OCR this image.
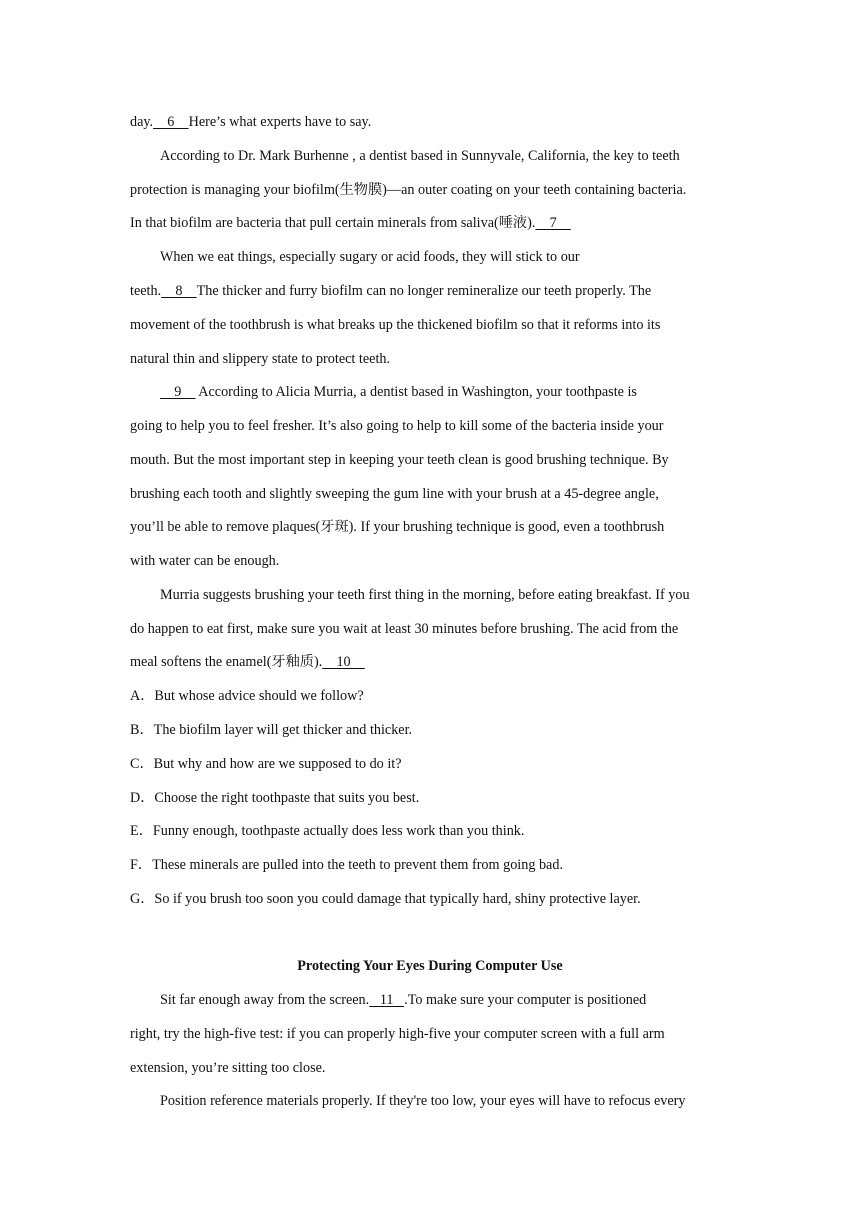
day.    6    Here’s what experts have to say.
According to Dr. Mark Burhenne , a dentist based in Sunnyvale, California, the key to teeth
protection is managing your biofilm(生物膜)—an outer coating on your teeth containing bacteria.
In that biofilm are bacteria that pull certain minerals from saliva(唾液).    7
When we eat things, especially sugary or acid foods, they will stick to our
teeth.    8    The thicker and furry biofilm can no longer remineralize our teeth properly. The
movement of the toothbrush is what breaks up the thickened biofilm so that it reforms into its
natural thin and slippery state to protect teeth.
9     According to Alicia Murria, a dentist based in Washington, your toothpaste is
going to help you to feel fresher. It’s also going to help to kill some of the bacteria inside your
mouth. But the most important step in keeping your teeth clean is good brushing technique. By
brushing each tooth and slightly sweeping the gum line with your brush at a 45-degree angle,
you’ll be able to remove plaques(牙斑). If your brushing technique is good, even a toothbrush
with water can be enough.
Murria suggests brushing your teeth first thing in the morning, before eating breakfast. If you
do happen to eat first, make sure you wait at least 30 minutes before brushing. The acid from the
meal softens the enamel(牙釉质).    10
A．But whose advice should we follow?
B．The biofilm layer will get thicker and thicker.
C．But why and how are we supposed to do it?
D．Choose the right toothpaste that suits you best.
E．Funny enough, toothpaste actually does less work than you think.
F．These minerals are pulled into the teeth to prevent them from going bad.
G．So if you brush too soon you could damage that typically hard, shiny protective layer.
Protecting Your Eyes During Computer Use
Sit far enough away from the screen.   11   .To make sure your computer is positioned
right, try the high-five test: if you can properly high-five your computer screen with a full arm
extension, you’re sitting too close.
Position reference materials properly. If they're too low, your eyes will have to refocus every
